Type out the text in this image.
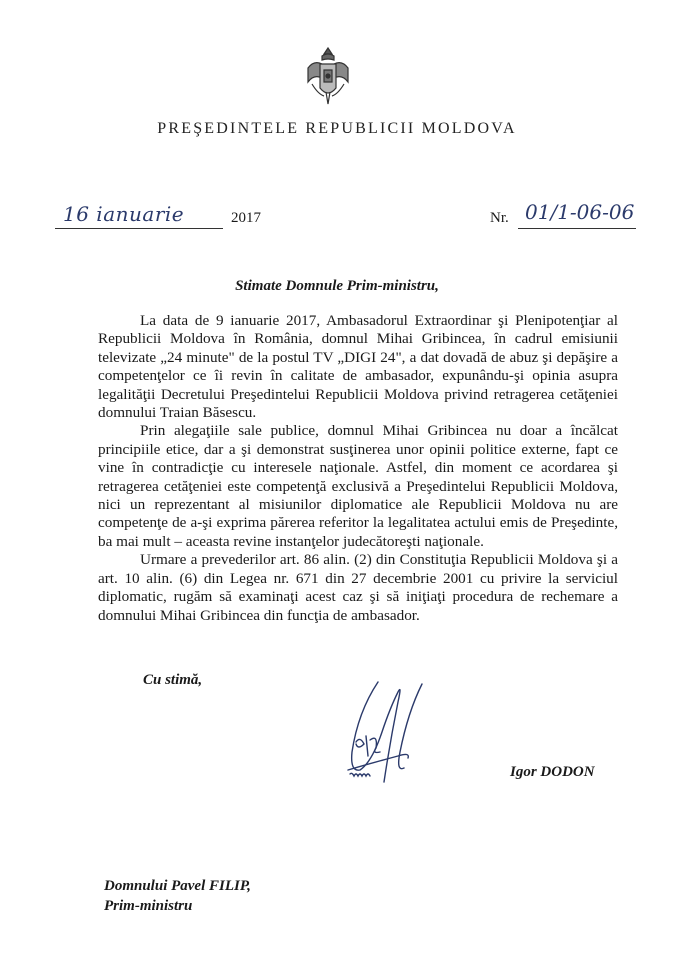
PREŞEDINTELE REPUBLICII MOLDOVA
16 ianuarie	2017	Nr. 01/1-06-06
Stimate Domnule Prim-ministru,

La data de 9 ianuarie 2017, Ambasadorul Extraordinar şi Plenipotenţiar al Republicii Moldova în România, domnul Mihai Gribincea, în cadrul emisiunii televizate „24 minute" de la postul TV „DIGI 24", a dat dovadă de abuz şi depăşire a competenţelor ce îi revin în calitate de ambasador, expunându-şi opinia asupra legalităţii Decretului Preşedintelui Republicii Moldova privind retragerea cetăţeniei domnului Traian Băsescu.

Prin alegaţiile sale publice, domnul Mihai Gribincea nu doar a încălcat principiile etice, dar a şi demonstrat susţinerea unor opinii politice externe, fapt ce vine în contradicţie cu interesele naţionale. Astfel, din moment ce acordarea şi retragerea cetăţeniei este competenţă exclusivă a Preşedintelui Republicii Moldova, nici un reprezentant al misiunilor diplomatice ale Republicii Moldova nu are competenţe de a-şi exprima părerea referitor la legalitatea actului emis de Preşedinte, ba mai mult – aceasta revine instanţelor judecătoreşti naţionale.

Urmare a prevederilor art. 86 alin. (2) din Constituţia Republicii Moldova şi a art. 10 alin. (6) din Legea nr. 671 din 27 decembrie 2001 cu privire la serviciul diplomatic, rugăm să examinaţi acest caz şi să iniţiaţi procedura de rechemare a domnului Mihai Gribincea din funcţia de ambasador.

Cu stimă,
Igor DODON
Domnului Pavel FILIP,
Prim-ministru
